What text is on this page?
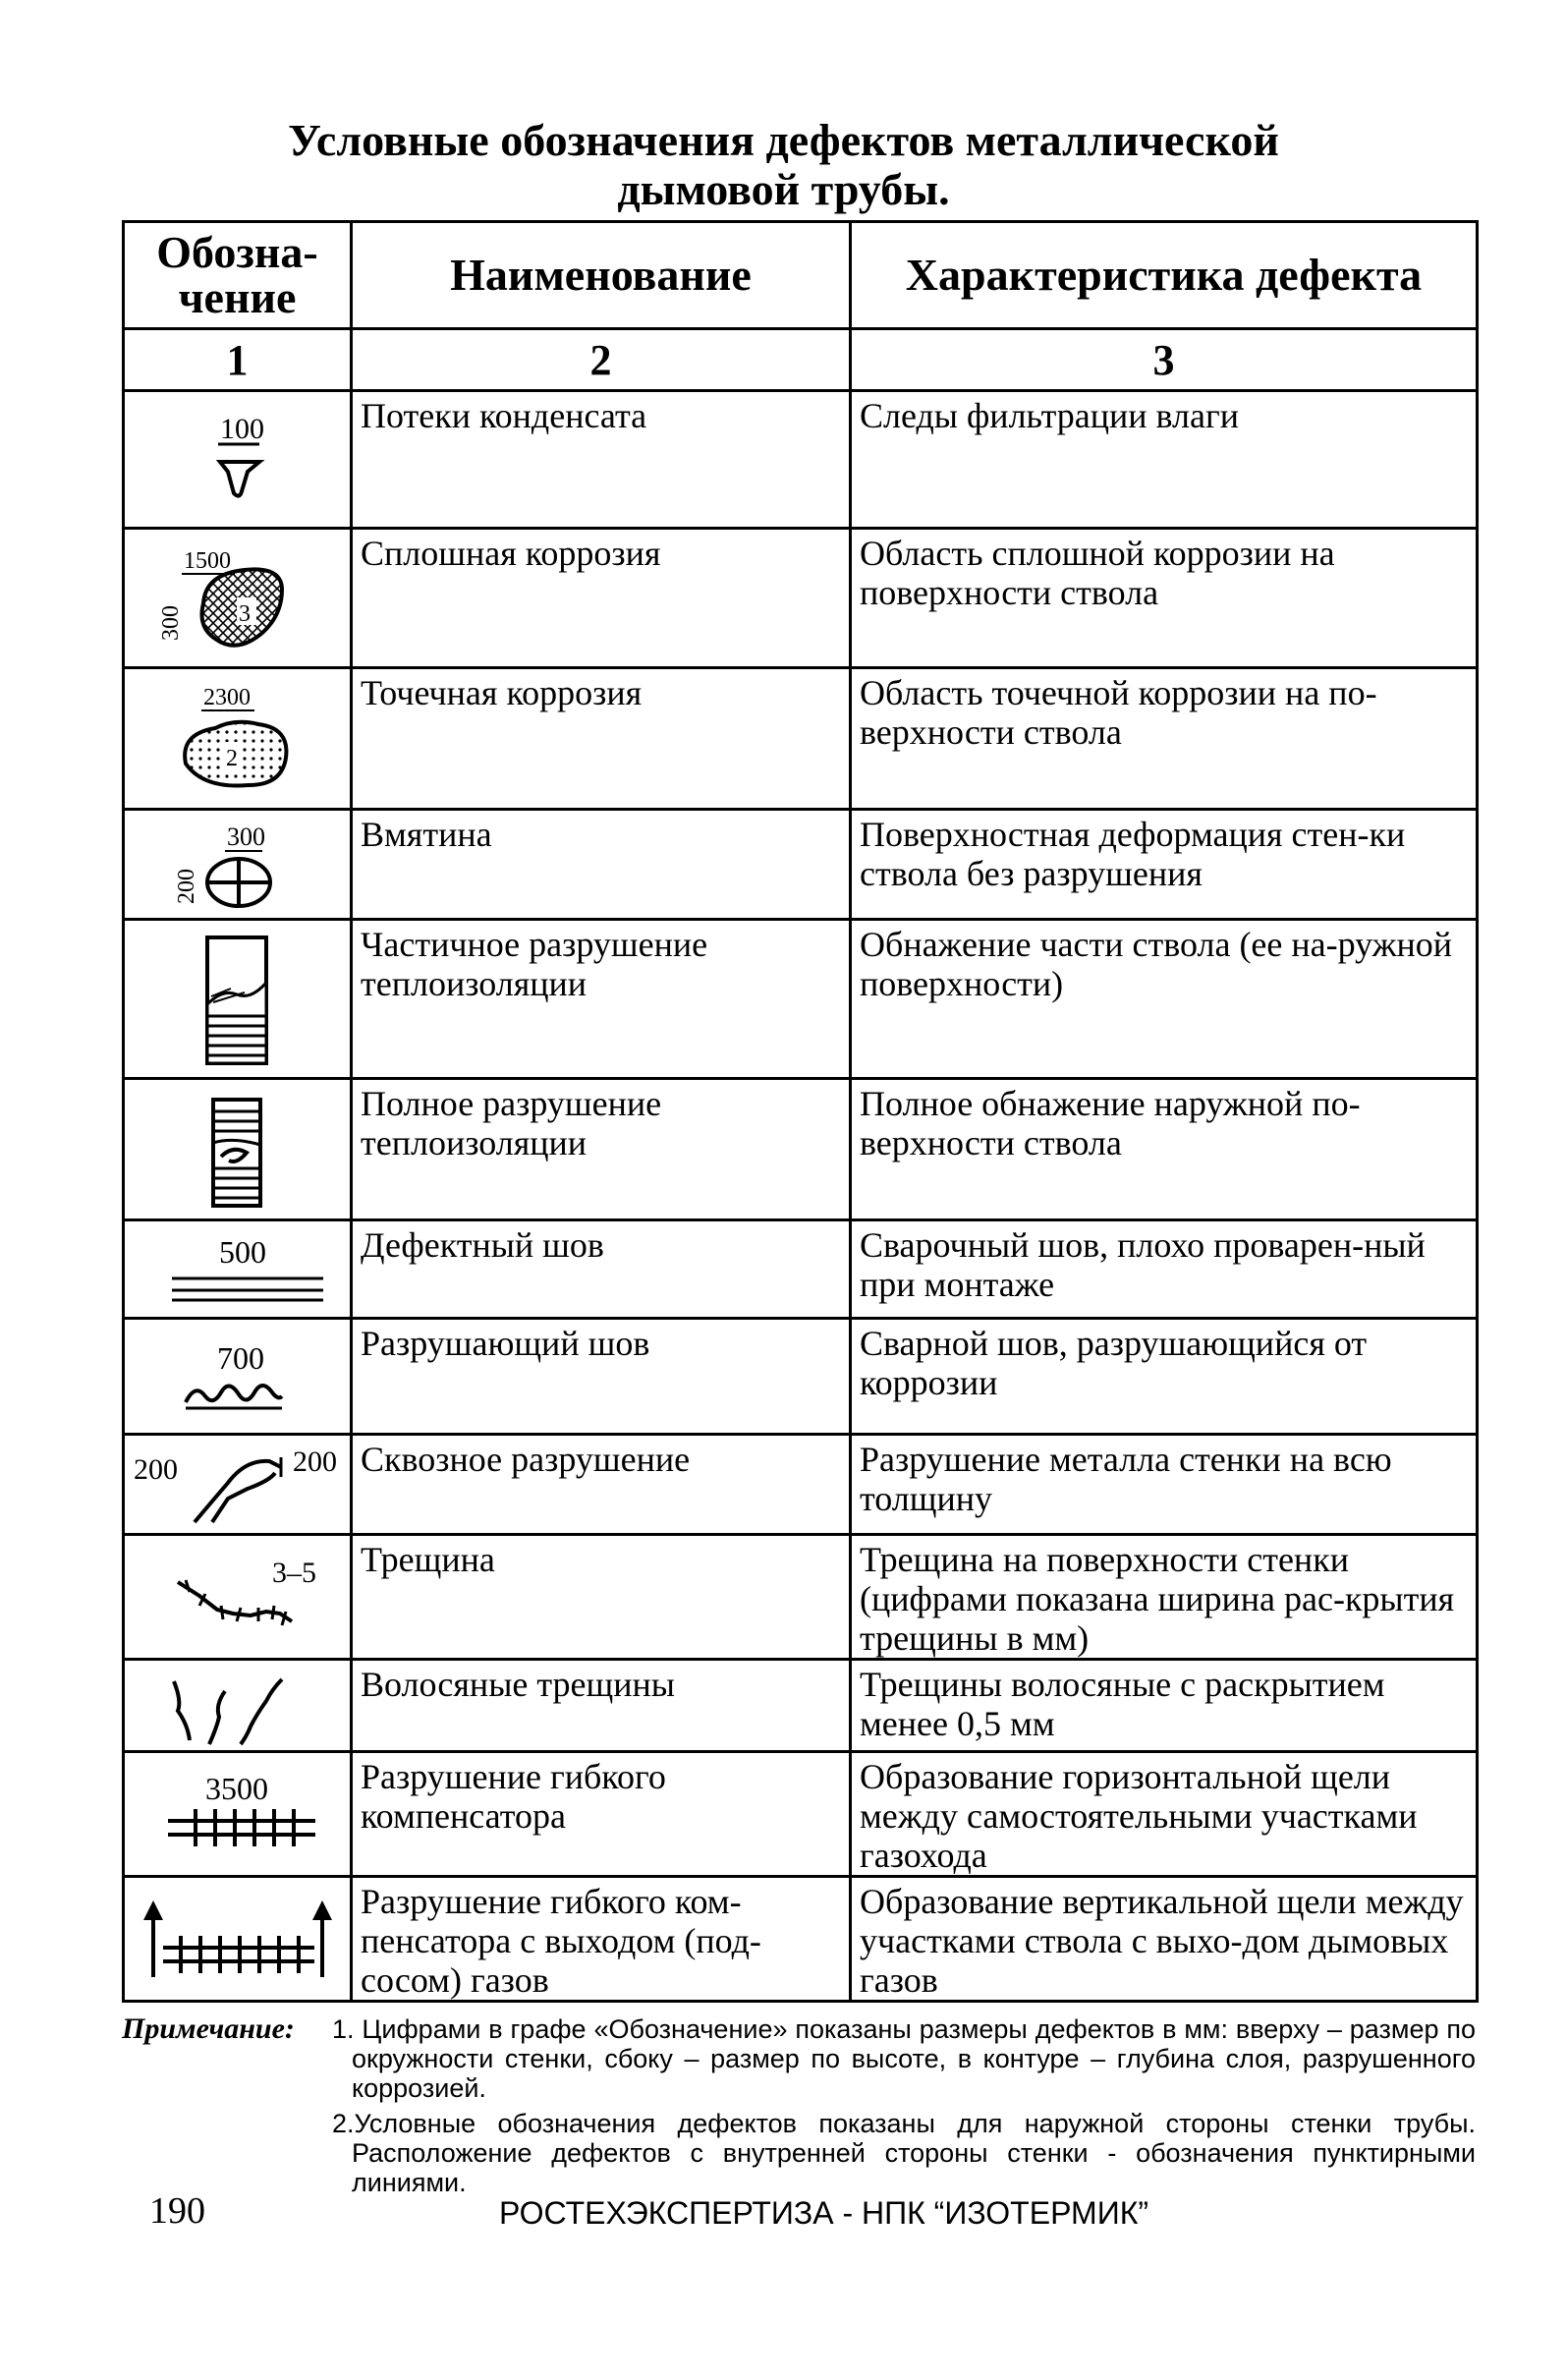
Условные обозначения дефектов металлической
дымовой трубы.
Обозна-чение	Наименование	Характеристика дефекта
1	2	3

100	Потеки конденсата	Следы фильтрации влаги

1500
300 3	Сплошная коррозия	Область сплошной коррозии на поверхности ствола

2300
2	Точечная коррозия	Область точечной коррозии на по-верхности ствола

300
200	Вмятина	Поверхностная деформация стен-ки ствола без разрушения

	Частичное разрушение теплоизоляции	Обнажение части ствола (ее на-ружной поверхности)

	Полное разрушение теплоизоляции	Полное обнажение наружной по-верхности ствола

500	Дефектный шов	Сварочный шов, плохо проварен-ный при монтаже

700	Разрушающий шов	Сварной шов, разрушающийся от коррозии

200 200	Сквозное разрушение	Разрушение металла стенки на всю толщину

3–5	Трещина	Трещина на поверхности стенки (цифрами показана ширина рас-крытия трещины в мм)

	Волосяные трещины	Трещины волосяные с раскрытием менее 0,5 мм

3500	Разрушение гибкого компенсатора	Образование горизонтальной щели между самостоятельными участками газохода

	Разрушение гибкого ком-пенсатора с выходом (под-сосом) газов	Образование вертикальной щели между участками ствола с выхо-дом дымовых газов
Примечание:	1. Цифрами в графе «Обозначение» показаны размеры дефектов в мм: вверху – размер по окружности стенки, сбоку – размер по высоте, в контуре – глубина слоя, разрушенного коррозией.
2.Условные обозначения дефектов показаны для наружной стороны стенки трубы. Расположение дефектов с внутренней стороны стенки - обозначения пунктирными линиями.
190	РОСТЕХЭКСПЕРТИЗА - НПК “ИЗОТЕРМИК”
